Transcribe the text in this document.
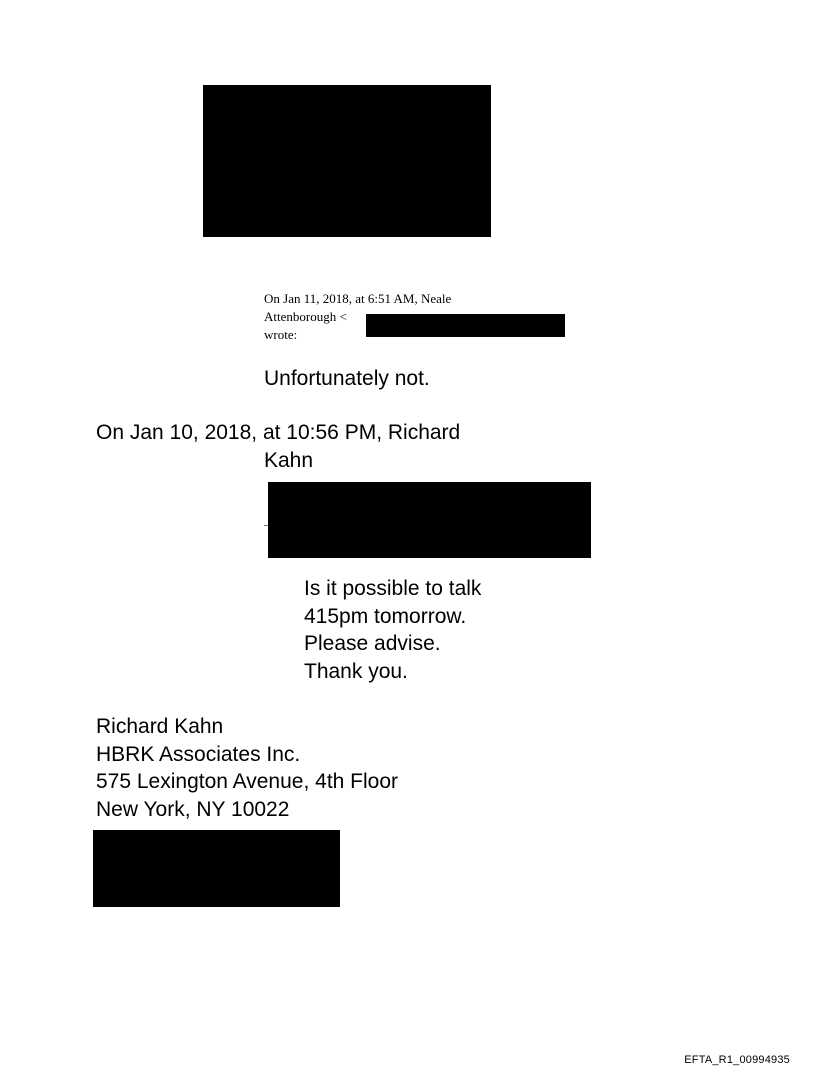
On Jan 11, 2018, at 6:51 AM, Neale
Attenborough <
wrote:
Unfortunately not.
On Jan 10, 2018, at 10:56 PM, Richard
Kahn

Is it possible to talk
415pm tomorrow.
Please advise.
Thank you.
Richard Kahn
HBRK Associates Inc.
575 Lexington Avenue, 4th Floor
New York, NY 10022
EFTA_R1_00994935
